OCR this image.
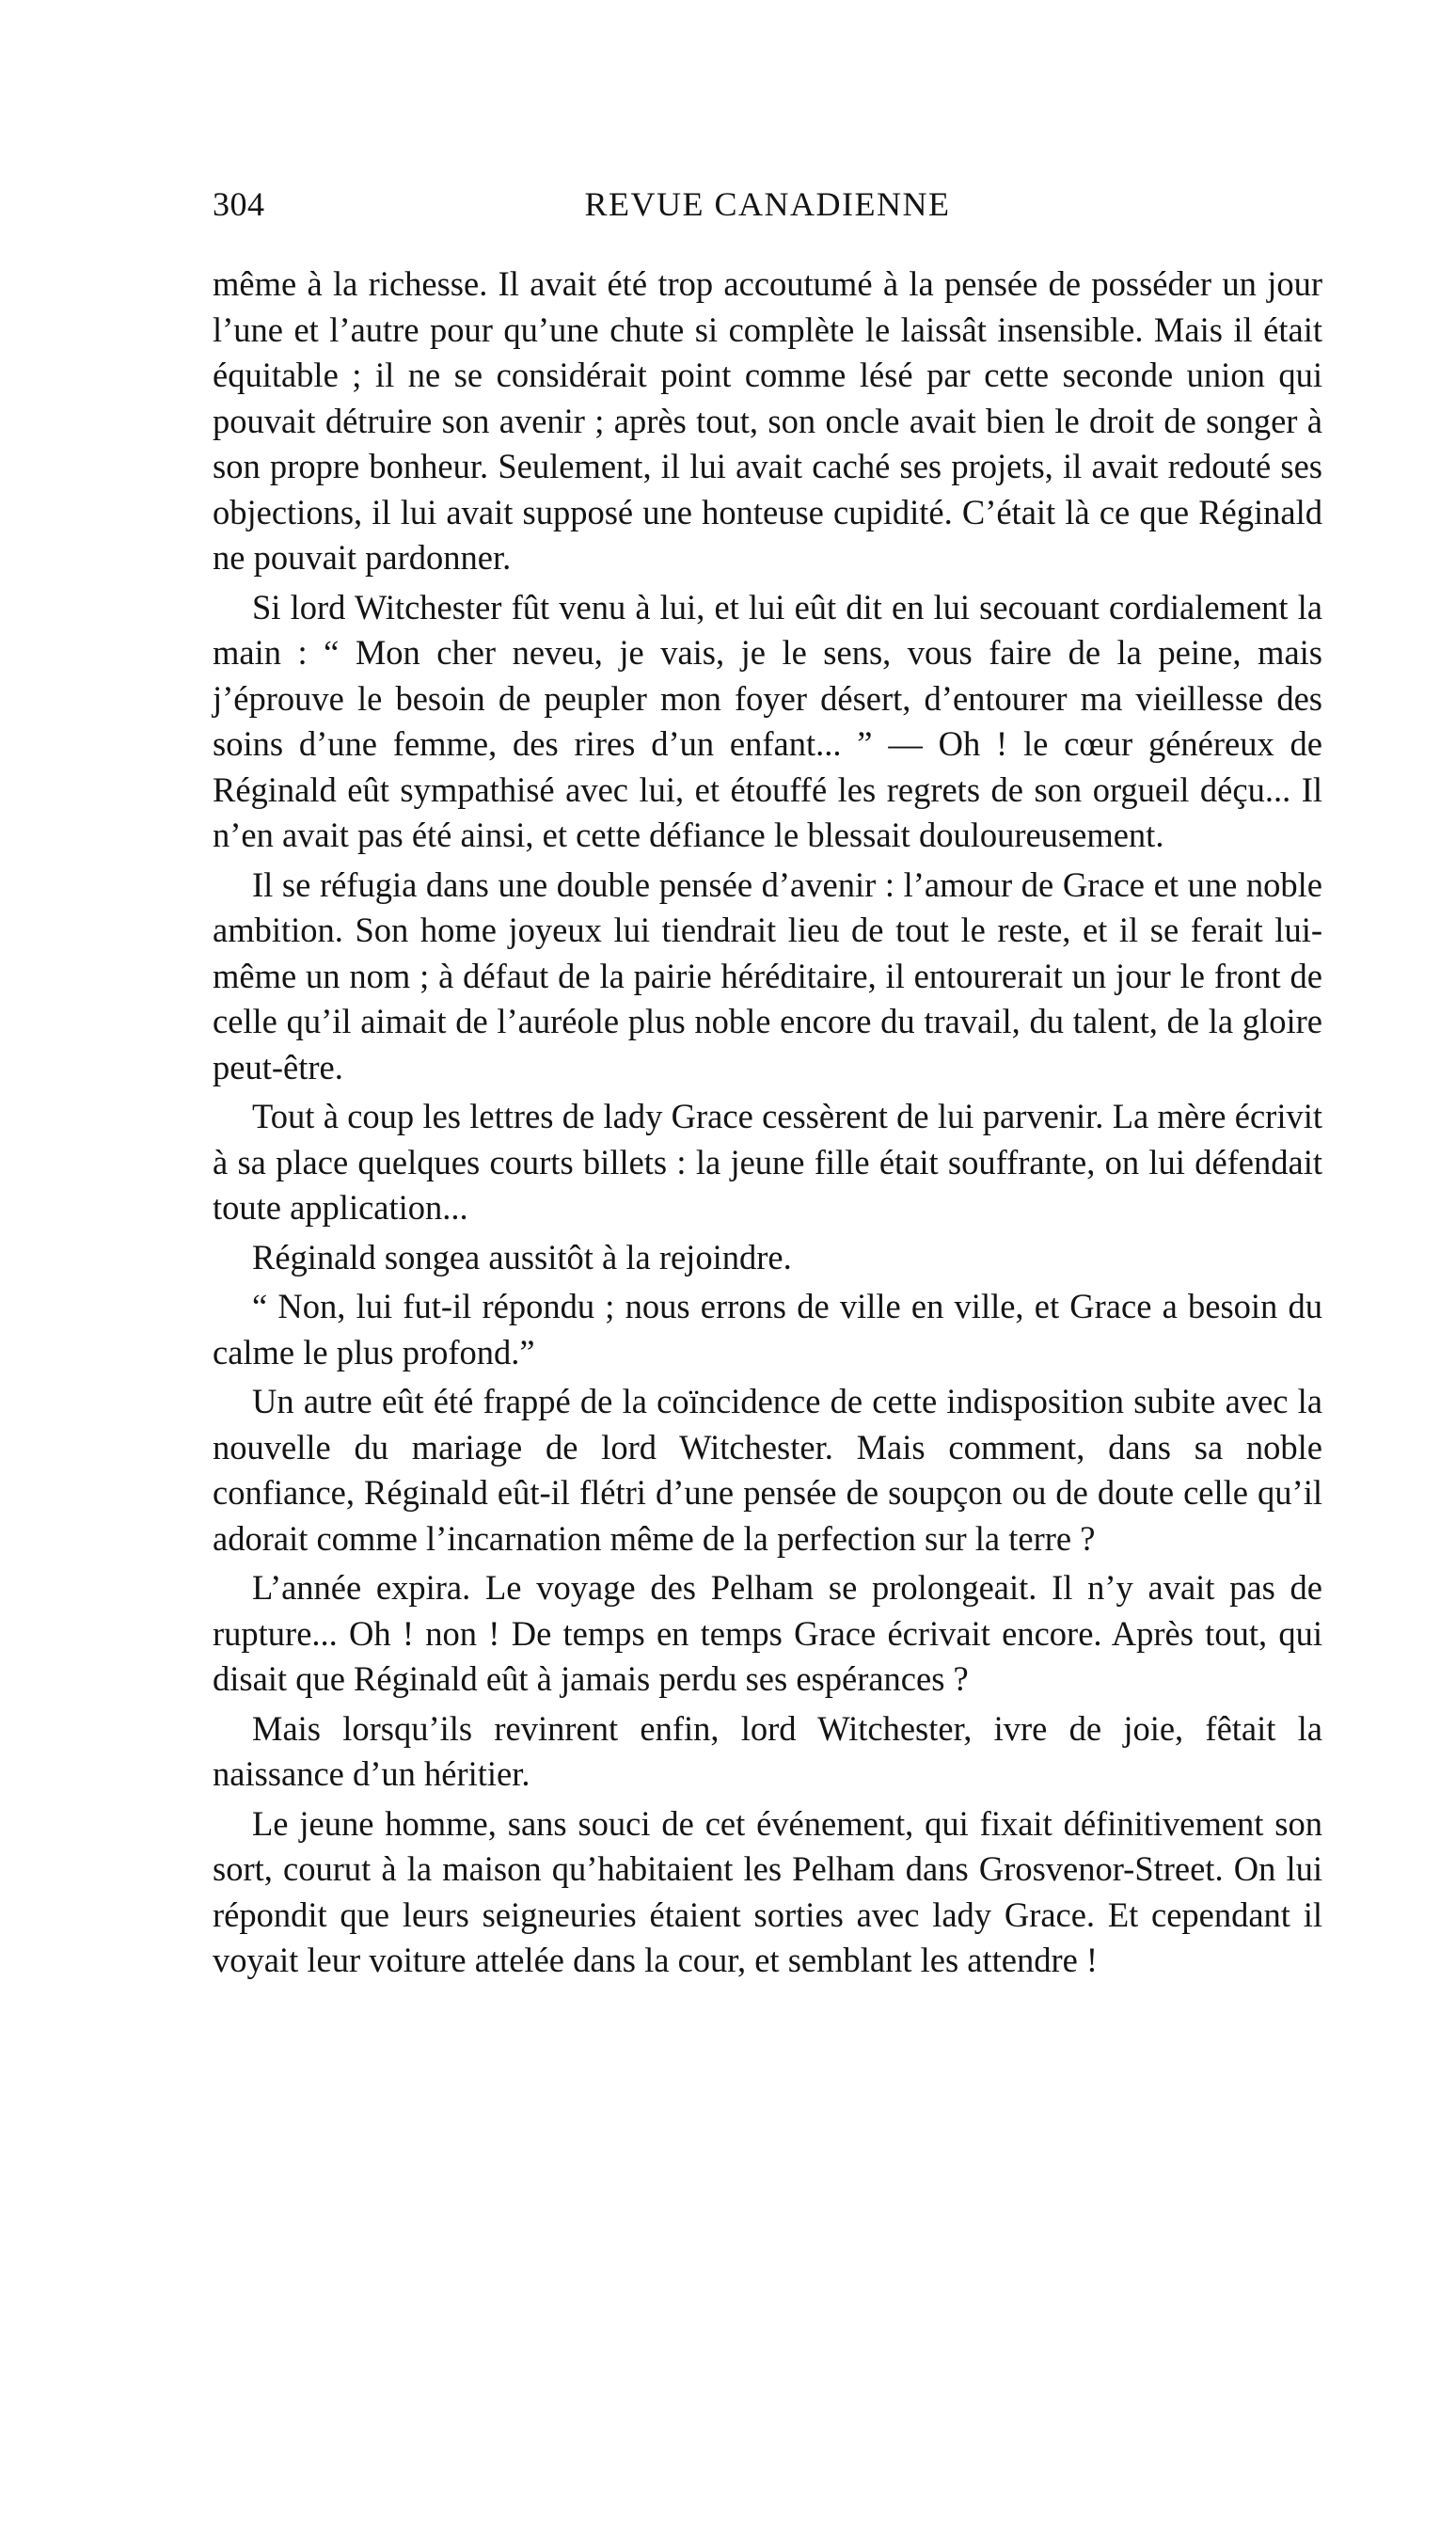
304	REVUE CANADIENNE

même à la richesse. Il avait été trop accoutumé à la pensée de posséder un jour l’une et l’autre pour qu’une chute si complète le laissât insensible. Mais il était équitable ; il ne se considérait point comme lésé par cette seconde union qui pouvait détruire son avenir ; après tout, son oncle avait bien le droit de songer à son propre bonheur. Seulement, il lui avait caché ses projets, il avait redouté ses objections, il lui avait supposé une honteuse cupidité. C’était là ce que Réginald ne pouvait pardonner.

Si lord Witchester fût venu à lui, et lui eût dit en lui secouant cordialement la main : “ Mon cher neveu, je vais, je le sens, vous faire de la peine, mais j’éprouve le besoin de peupler mon foyer désert, d’entourer ma vieillesse des soins d’une femme, des rires d’un enfant... ” — Oh ! le cœur généreux de Réginald eût sympathisé avec lui, et étouffé les regrets de son orgueil déçu... Il n’en avait pas été ainsi, et cette défiance le blessait douloureusement.

Il se réfugia dans une double pensée d’avenir : l’amour de Grace et une noble ambition. Son home joyeux lui tiendrait lieu de tout le reste, et il se ferait lui-même un nom ; à défaut de la pairie héréditaire, il entourerait un jour le front de celle qu’il aimait de l’auréole plus noble encore du travail, du talent, de la gloire peut-être.

Tout à coup les lettres de lady Grace cessèrent de lui parvenir. La mère écrivit à sa place quelques courts billets : la jeune fille était souffrante, on lui défendait toute application...

Réginald songea aussitôt à la rejoindre.

“ Non, lui fut-il répondu ; nous errons de ville en ville, et Grace a besoin du calme le plus profond.”

Un autre eût été frappé de la coïncidence de cette indisposition subite avec la nouvelle du mariage de lord Witchester. Mais comment, dans sa noble confiance, Réginald eût-il flétri d’une pensée de soupçon ou de doute celle qu’il adorait comme l’incarnation même de la perfection sur la terre ?

L’année expira. Le voyage des Pelham se prolongeait. Il n’y avait pas de rupture... Oh ! non ! De temps en temps Grace écrivait encore. Après tout, qui disait que Réginald eût à jamais perdu ses espérances ?

Mais lorsqu’ils revinrent enfin, lord Witchester, ivre de joie, fêtait la naissance d’un héritier.

Le jeune homme, sans souci de cet événement, qui fixait définitivement son sort, courut à la maison qu’habitaient les Pelham dans Grosvenor-Street. On lui répondit que leurs seigneuries étaient sorties avec lady Grace. Et cependant il voyait leur voiture attelée dans la cour, et semblant les attendre !
